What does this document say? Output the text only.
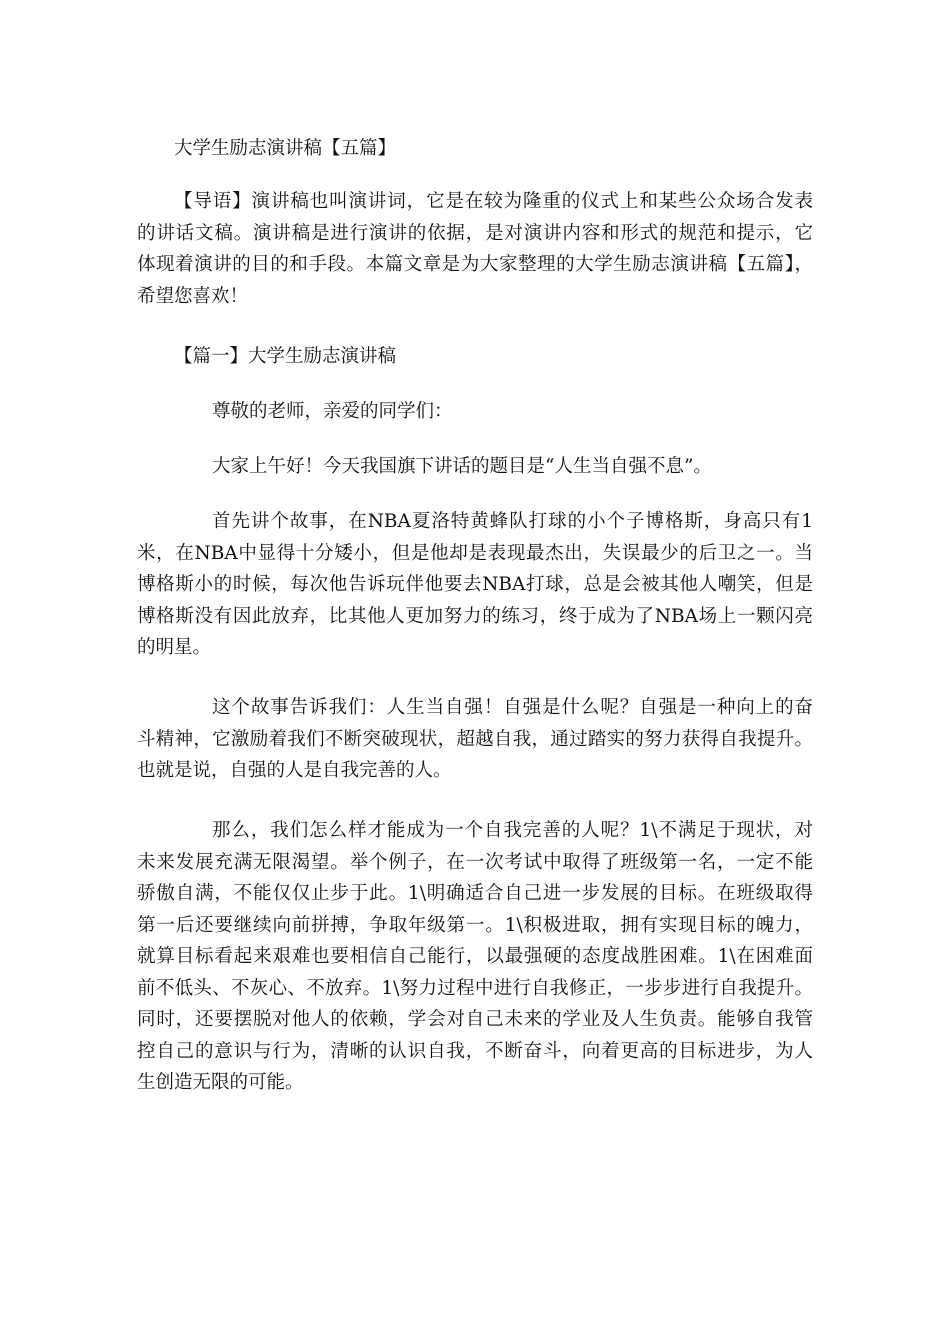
大学生励志演讲稿【五篇】
【导语】演讲稿也叫演讲词，它是在较为隆重的仪式上和某些公众场合发表
的讲话文稿。演讲稿是进行演讲的依据，是对演讲内容和形式的规范和提示，它
体现着演讲的目的和手段。本篇文章是为大家整理的大学生励志演讲稿【五篇】，
希望您喜欢！
【篇一】大学生励志演讲稿
尊敬的老师，亲爱的同学们：
大家上午好！今天我国旗下讲话的题目是“人生当自强不息”。
首先讲个故事，在NBA夏洛特黄蜂队打球的小个子博格斯，身高只有1
米，在NBA中显得十分矮小，但是他却是表现最杰出，失误最少的后卫之一。当
博格斯小的时候，每次他告诉玩伴他要去NBA打球，总是会被其他人嘲笑，但是
博格斯没有因此放弃，比其他人更加努力的练习，终于成为了NBA场上一颗闪亮
的明星。
这个故事告诉我们：人生当自强！自强是什么呢？自强是一种向上的奋
斗精神，它激励着我们不断突破现状，超越自我，通过踏实的努力获得自我提升。
也就是说，自强的人是自我完善的人。
那么，我们怎么样才能成为一个自我完善的人呢？1\不满足于现状，对
未来发展充满无限渴望。举个例子，在一次考试中取得了班级第一名，一定不能
骄傲自满，不能仅仅止步于此。1\明确适合自己进一步发展的目标。在班级取得
第一后还要继续向前拼搏，争取年级第一。1\积极进取，拥有实现目标的魄力，
就算目标看起来艰难也要相信自己能行，以最强硬的态度战胜困难。1\在困难面
前不低头、不灰心、不放弃。1\努力过程中进行自我修正，一步步进行自我提升。
同时，还要摆脱对他人的依赖，学会对自己未来的学业及人生负责。能够自我管
控自己的意识与行为，清晰的认识自我，不断奋斗，向着更高的目标进步，为人
生创造无限的可能。
